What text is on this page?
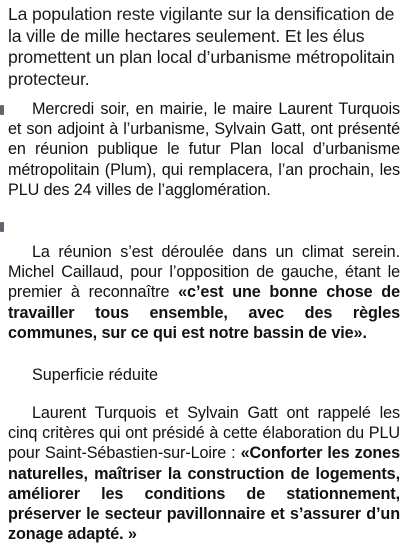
La population reste vigilante sur la densification de la ville de mille hectares seulement. Et les élus promettent un plan local d’urbanisme métropolitain protecteur.

Mercredi soir, en mairie, le maire Laurent Turquois et son adjoint à l’urbanisme, Sylvain Gatt, ont présenté en réunion publique le futur Plan local d’urbanisme métropolitain (Plum), qui remplacera, l’an prochain, les PLU des 24 villes de l’agglomération.

La réunion s’est déroulée dans un climat serein. Michel Caillaud, pour l’opposition de gauche, étant le premier à reconnaître «c’est une bonne chose de travailler tous ensemble, avec des règles communes, sur ce qui est notre bassin de vie».

Superficie réduite

Laurent Turquois et Sylvain Gatt ont rappelé les cinq critères qui ont présidé à cette élaboration du PLU pour Saint-Sébastien-sur-Loire : «Conforter les zones naturelles, maîtriser la construction de logements, améliorer les conditions de stationnement, préserver le secteur pavillonnaire et s’assurer d’un zonage adapté. »
